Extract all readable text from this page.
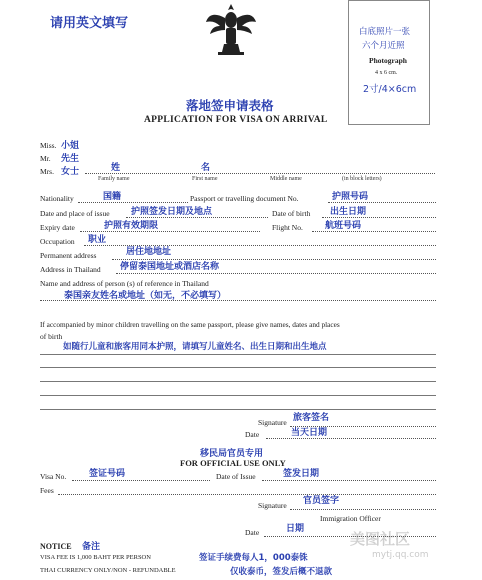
请用英文填写
白底照片一张
六个月近照
Photograph
4 x 6 cm.
2寸/4×6cm
落地签申请表格
APPLICATION FOR VISA ON ARRIVAL
Miss. 小姐
Mr. 先生
Mrs. 女士	姓	名
Family name	First name	Middle name	(in block letters)
Nationality	国籍	Passport or travelling document No.	护照号码
Date and place of issue 护照签发日期及地点	Date of birth 出生日期
Expiry date	护照有效期限	Flight No. 航班号码
Occupation 职业
Permanent address	居住地地址
Address in Thailand 停留泰国地址或酒店名称
Name and address of person (s) of reference in Thailand
泰国亲友姓名或地址（如无，不必填写）
If accompanied by minor children travelling on the same passport, please give names, dates and places
of birth
如随行儿童和旅客用同本护照，请填写儿童姓名、出生日期和出生地点
Signature 旅客签名
Date	当天日期
移民局官员专用
FOR OFFICIAL USE ONLY
Visa No.	签证号码	Date of Issue	签发日期
Fees
Signature 官员签字
Immigration Officer
Date	日期
NOTICE 备注
VISA FEE IS 1,000 BAHT PER PERSON	签证手续费每人1，000泰铢
THAI CURRENCY ONLY/NON - REFUNDABLE	仅收泰币，签发后概不退款
美图社区
mytj.qq.com
